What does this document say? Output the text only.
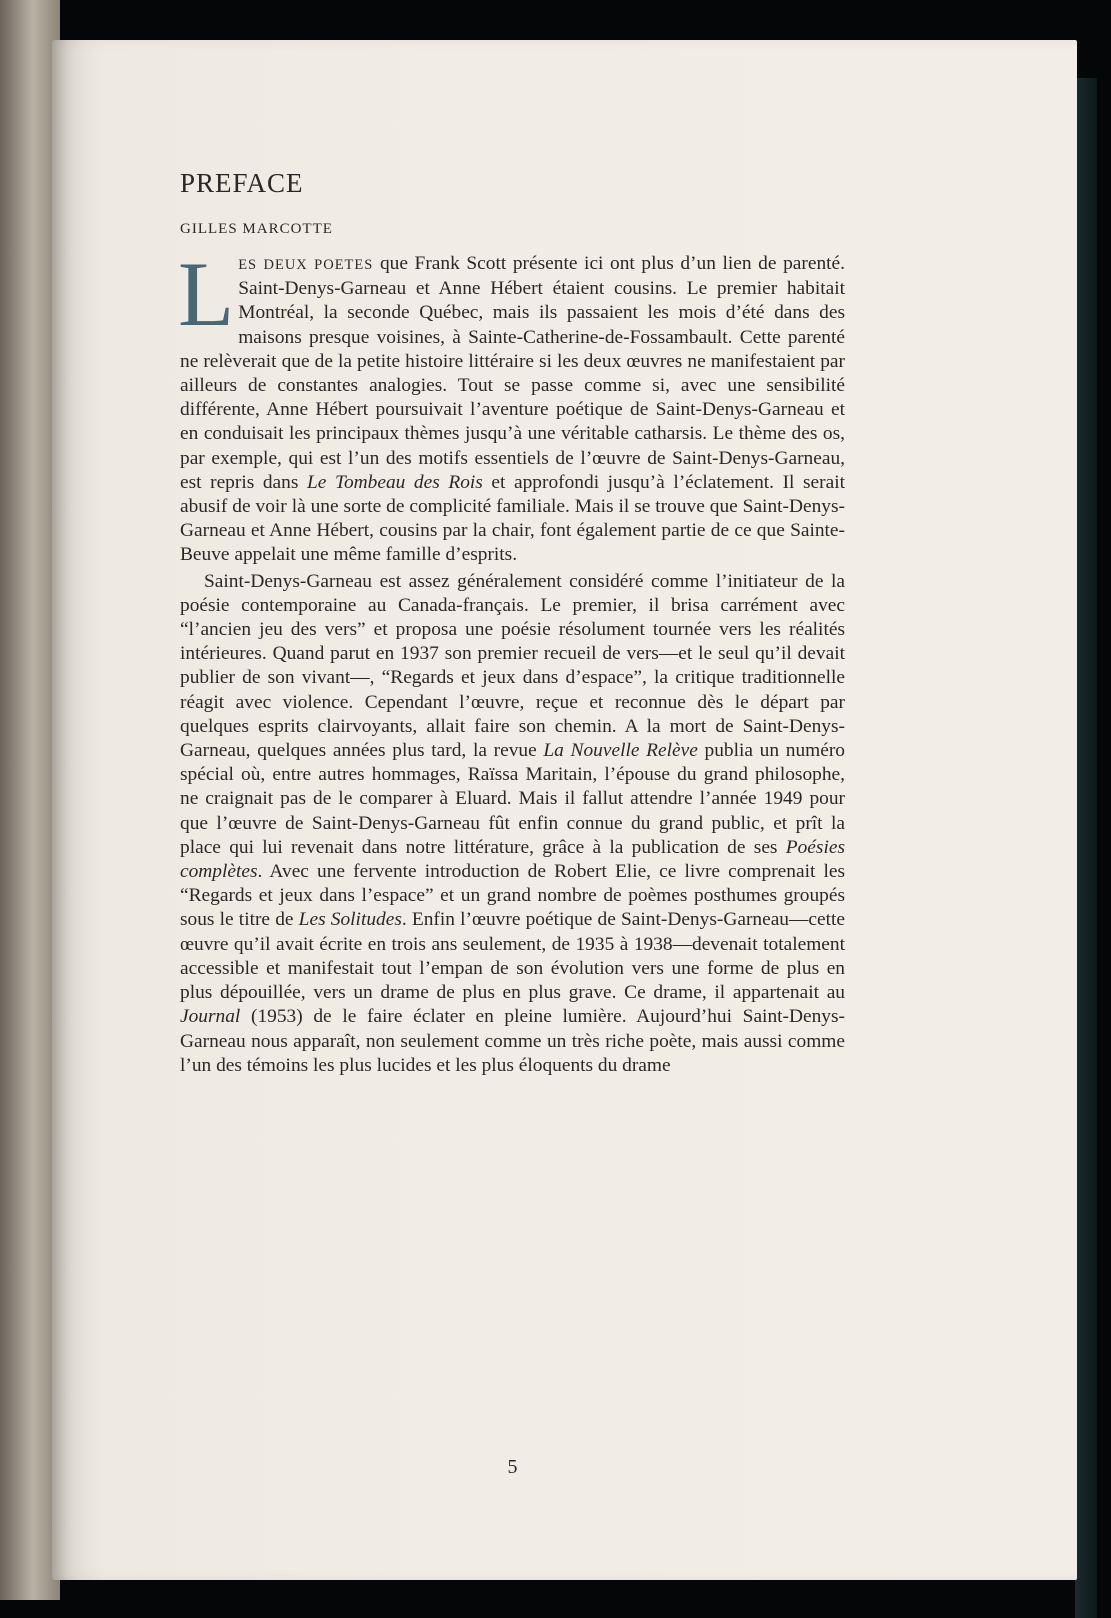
PREFACE
GILLES MARCOTTE

LES DEUX POETES que Frank Scott présente ici ont plus d’un lien de parenté. Saint-Denys-Garneau et Anne Hébert étaient cousins. Le premier habitait Montréal, la seconde Québec, mais ils passaient les mois d’été dans des maisons presque voisines, à Sainte-Catherine-de-Fossambault. Cette parenté ne relèverait que de la petite histoire littéraire si les deux œuvres ne manifestaient par ailleurs de constantes analogies. Tout se passe comme si, avec une sensibilité différente, Anne Hébert poursuivait l’aventure poétique de Saint-Denys-Garneau et en conduisait les principaux thèmes jusqu’à une véritable catharsis. Le thème des os, par exemple, qui est l’un des motifs essentiels de l’œuvre de Saint-Denys-Garneau, est repris dans Le Tombeau des Rois et approfondi jusqu’à l’éclatement. Il serait abusif de voir là une sorte de complicité familiale. Mais il se trouve que Saint-Denys-Garneau et Anne Hébert, cousins par la chair, font également partie de ce que Sainte-Beuve appelait une même famille d’esprits.

Saint-Denys-Garneau est assez généralement considéré comme l’initiateur de la poésie contemporaine au Canada-français. Le premier, il brisa carrément avec “l’ancien jeu des vers” et proposa une poésie résolument tournée vers les réalités intérieures. Quand parut en 1937 son premier recueil de vers—et le seul qu’il devait publier de son vivant—, “Regards et jeux dans d’espace”, la critique traditionnelle réagit avec violence. Cependant l’œuvre, reçue et reconnue dès le départ par quelques esprits clairvoyants, allait faire son chemin. A la mort de Saint-Denys-Garneau, quelques années plus tard, la revue La Nouvelle Relève publia un numéro spécial où, entre autres hommages, Raïssa Maritain, l’épouse du grand philosophe, ne craignait pas de le comparer à Eluard. Mais il fallut attendre l’année 1949 pour que l’œuvre de Saint-Denys-Garneau fût enfin connue du grand public, et prît la place qui lui revenait dans notre littérature, grâce à la publication de ses Poésies complètes. Avec une fervente introduction de Robert Elie, ce livre comprenait les “Regards et jeux dans l’espace” et un grand nombre de poèmes posthumes groupés sous le titre de Les Solitudes. Enfin l’œuvre poétique de Saint-Denys-Garneau—cette œuvre qu’il avait écrite en trois ans seulement, de 1935 à 1938—devenait totalement accessible et manifestait tout l’empan de son évolution vers une forme de plus en plus dépouillée, vers un drame de plus en plus grave. Ce drame, il appartenait au Journal (1953) de le faire éclater en pleine lumière. Aujourd’hui Saint-Denys-Garneau nous apparaît, non seulement comme un très riche poète, mais aussi comme l’un des témoins les plus lucides et les plus éloquents du drame

5
